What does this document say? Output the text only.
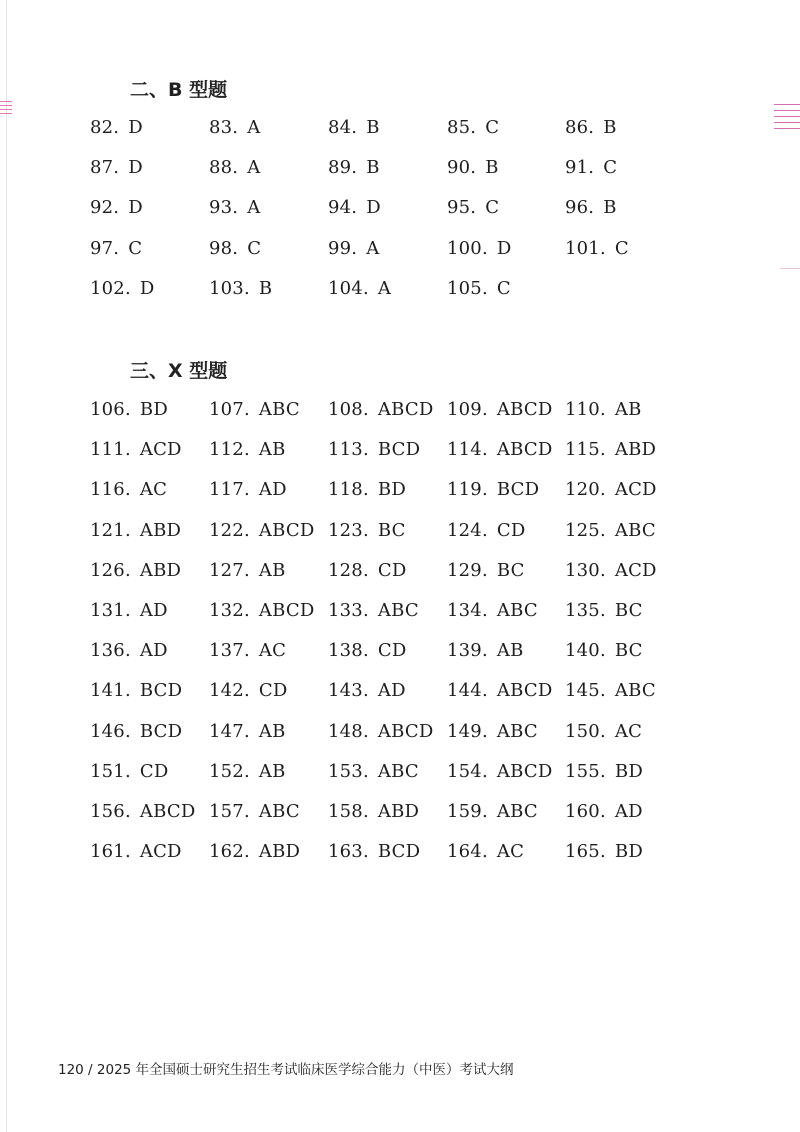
二、B 型题
82. D	83. A	84. B	85. C	86. B
87. D	88. A	89. B	90. B	91. C
92. D	93. A	94. D	95. C	96. B
97. C	98. C	99. A	100. D	101. C
102. D	103. B	104. A	105. C
三、X 型题
106. BD	107. ABC	108. ABCD 109. ABCD 110. AB
111. ACD	112. AB	113. BCD	114. ABCD 115. ABD
116. AC	117. AD	118. BD	119. BCD	120. ACD
121. ABD	122. ABCD 123. BC	124. CD	125. ABC
126. ABD	127. AB	128. CD	129. BC	130. ACD
131. AD	132. ABCD 133. ABC	134. ABC	135. BC
136. AD	137. AC	138. CD	139. AB	140. BC
141. BCD	142. CD	143. AD	144. ABCD 145. ABC
146. BCD	147. AB	148. ABCD 149. ABC	150. AC
151. CD	152. AB	153. ABC	154. ABCD 155. BD
156. ABCD 157. ABC	158. ABD	159. ABC	160. AD
161. ACD	162. ABD	163. BCD	164. AC	165. BD
120 / 2025 年全国硕士研究生招生考试临床医学综合能力（中医）考试大纲
